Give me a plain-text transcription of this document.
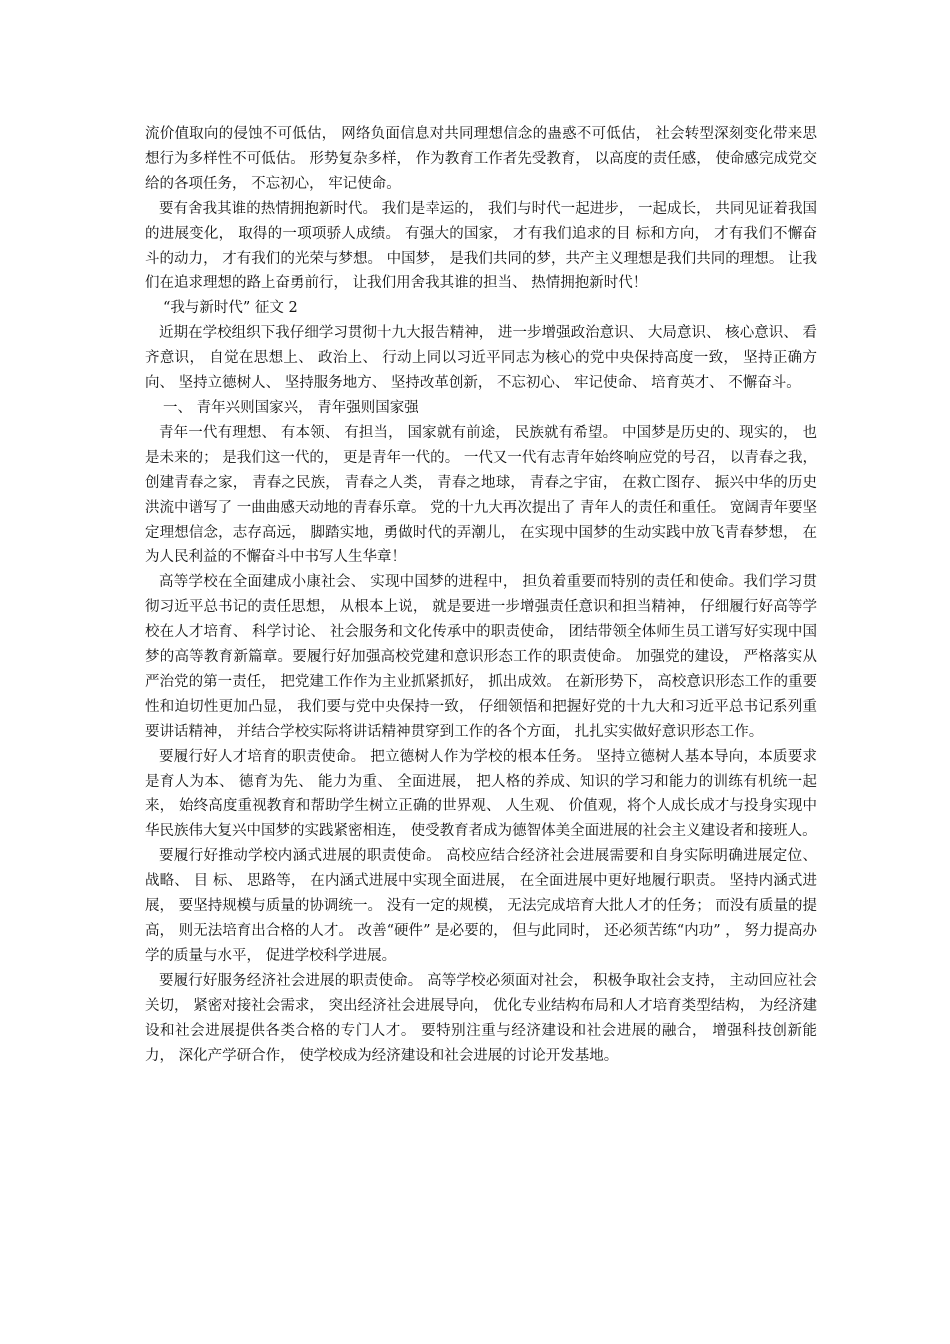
流价值取向的侵蚀不可低估， 网络负面信息对共同理想信念的蛊惑不可低估， 社会转型深刻变化带来思想行为多样性不可低估。 形势复杂多样， 作为教育工作者先受教育， 以高度的责任感， 使命感完成党交给的各项任务， 不忘初心， 牢记使命。

要有舍我其谁的热情拥抱新时代。 我们是幸运的， 我们与时代一起进步， 一起成长， 共同见证着我国的进展变化， 取得的一项项骄人成绩。 有强大的国家， 才有我们追求的目 标和方向， 才有我们不懈奋斗的动力， 才有我们的光荣与梦想。 中国梦， 是我们共同的梦，共产主义理想是我们共同的理想。 让我们在追求理想的路上奋勇前行， 让我们用舍我其谁的担当、 热情拥抱新时代！

“我与新时代” 征文 2

近期在学校组织下我仔细学习贯彻十九大报告精神， 进一步增强政治意识、 大局意识、 核心意识、 看齐意识， 自觉在思想上、 政治上、 行动上同以习近平同志为核心的党中央保持高度一致， 坚持正确方向、 坚持立德树人、 坚持服务地方、 坚持改革创新， 不忘初心、 牢记使命、 培育英才、 不懈奋斗。

一、 青年兴则国家兴， 青年强则国家强

青年一代有理想、 有本领、 有担当， 国家就有前途， 民族就有希望。 中国梦是历史的、现实的， 也是未来的； 是我们这一代的， 更是青年一代的。 一代又一代有志青年始终响应党的号召， 以青春之我， 创建青春之家， 青春之民族， 青春之人类， 青春之地球， 青春之宇宙， 在救亡图存、 振兴中华的历史洪流中谱写了 一曲曲感天动地的青春乐章。 党的十九大再次提出了 青年人的责任和重任。 宽阔青年要坚定理想信念，志存高远， 脚踏实地，勇做时代的弄潮儿， 在实现中国梦的生动实践中放飞青春梦想， 在为人民利益的不懈奋斗中书写人生华章！

高等学校在全面建成小康社会、 实现中国梦的进程中， 担负着重要而特别的责任和使命。我们学习贯彻习近平总书记的责任思想， 从根本上说， 就是要进一步增强责任意识和担当精神， 仔细履行好高等学校在人才培育、 科学讨论、 社会服务和文化传承中的职责使命， 团结带领全体师生员工谱写好实现中国梦的高等教育新篇章。要履行好加强高校党建和意识形态工作的职责使命。 加强党的建设， 严格落实从严治党的第一责任， 把党建工作作为主业抓紧抓好， 抓出成效。 在新形势下， 高校意识形态工作的重要性和迫切性更加凸显， 我们要与党中央保持一致， 仔细领悟和把握好党的十九大和习近平总书记系列重要讲话精神， 并结合学校实际将讲话精神贯穿到工作的各个方面， 扎扎实实做好意识形态工作。

要履行好人才培育的职责使命。 把立德树人作为学校的根本任务。 坚持立德树人基本导向，本质要求是育人为本、 德育为先、 能力为重、 全面进展， 把人格的养成、知识的学习和能力的训练有机统一起来， 始终高度重视教育和帮助学生树立正确的世界观、 人生观、 价值观，将个人成长成才与投身实现中华民族伟大复兴中国梦的实践紧密相连， 使受教育者成为德智体美全面进展的社会主义建设者和接班人。

要履行好推动学校内涵式进展的职责使命。 高校应结合经济社会进展需要和自身实际明确进展定位、 战略、 目 标、 思路等， 在内涵式进展中实现全面进展， 在全面进展中更好地履行职责。 坚持内涵式进展， 要坚持规模与质量的协调统一。 没有一定的规模， 无法完成培育大批人才的任务； 而没有质量的提高， 则无法培育出合格的人才。 改善“硬件” 是必要的， 但与此同时， 还必须苦练“内功” ， 努力提高办学的质量与水平， 促进学校科学进展。

要履行好服务经济社会进展的职责使命。 高等学校必须面对社会， 积极争取社会支持， 主动回应社会关切， 紧密对接社会需求， 突出经济社会进展导向， 优化专业结构布局和人才培育类型结构， 为经济建设和社会进展提供各类合格的专门人才。 要特别注重与经济建设和社会进展的融合， 增强科技创新能力， 深化产学研合作， 使学校成为经济建设和社会进展的讨论开发基地。
